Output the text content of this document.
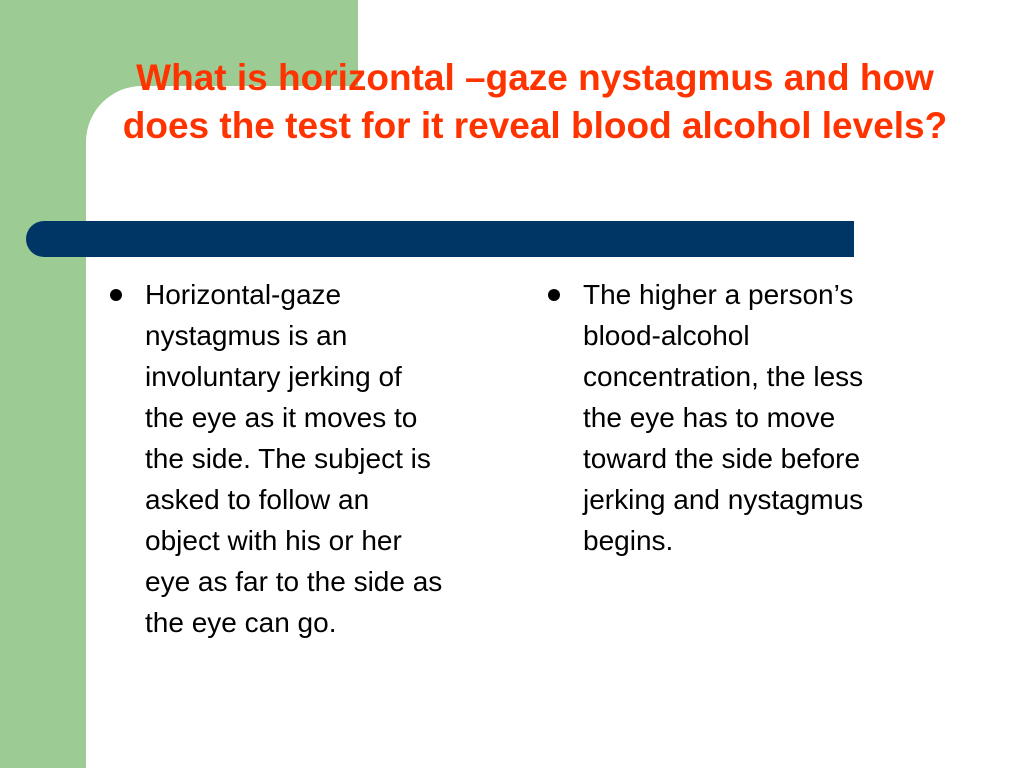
What is horizontal –gaze nystagmus and how does the test for it reveal blood alcohol levels?
Horizontal-gaze
nystagmus is an
involuntary jerking of
the eye as it moves to
the side. The subject is
asked to follow an
object with his or her
eye as far to the side as
the eye can go.
The higher a person’s
blood-alcohol
concentration, the less
the eye has to move
toward the side before
jerking and nystagmus
begins.
